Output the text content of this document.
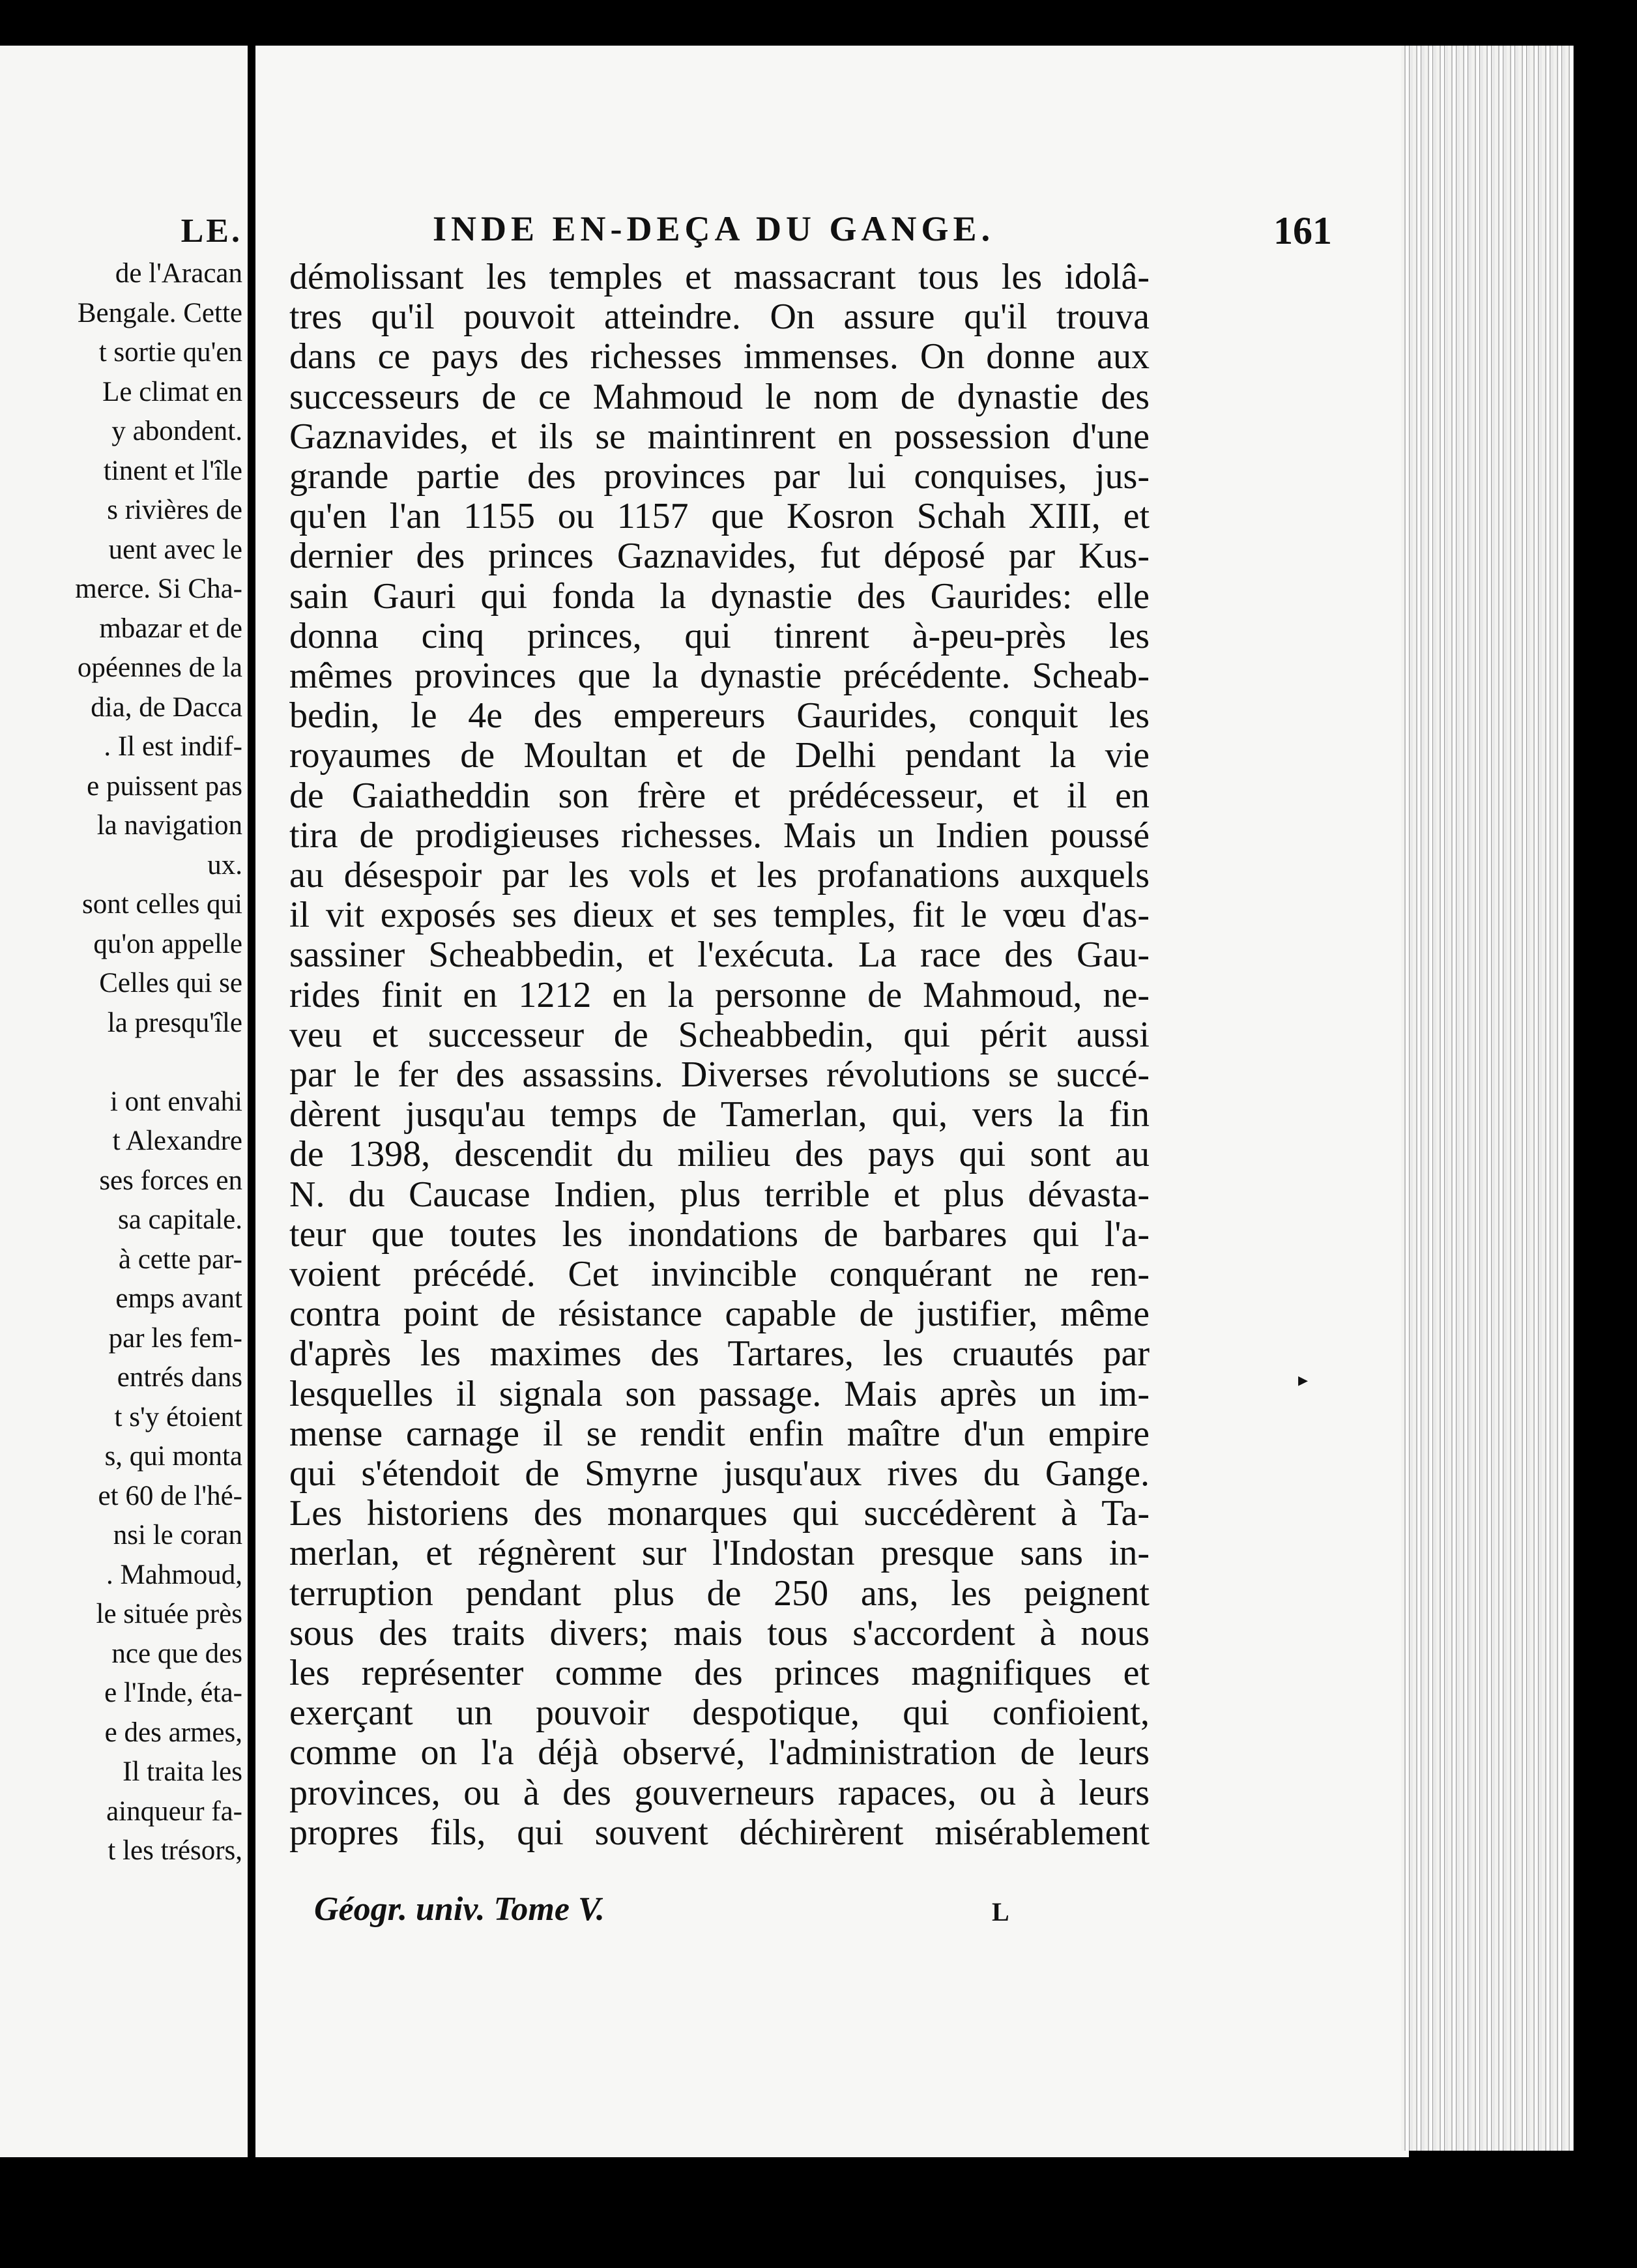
LE.
de l'Aracan
Bengale. Cette
t sortie qu'en
Le climat en
y abondent.
tinent et l'île
s rivières de
uent avec le
merce. Si Cha-
mbazar et de
opéennes de la
dia, de Dacca
. Il est indif-
e puissent pas
la navigation
ux.
sont celles qui
qu'on appelle
Celles qui se
la presqu'île
i ont envahi
t Alexandre
ses forces en
sa capitale.
à cette par-
emps avant
par les fem-
entrés dans
t s'y étoient
s, qui monta
et 60 de l'hé-
nsi le coran
. Mahmoud,
le située près
nce que des
e l'Inde, éta-
e des armes,
Il traita les
ainqueur fa-
t les trésors,
INDE EN-DEÇA DU GANGE.	161
démolissant les temples et massacrant tous les idolâ-
tres qu'il pouvoit atteindre. On assure qu'il trouva
dans ce pays des richesses immenses. On donne aux
successeurs de ce Mahmoud le nom de dynastie des
Gaznavides, et ils se maintinrent en possession d'une
grande partie des provinces par lui conquises, jus-
qu'en l'an 1155 ou 1157 que Kosron Schah XIII, et
dernier des princes Gaznavides, fut déposé par Kus-
sain Gauri qui fonda la dynastie des Gaurides: elle
donna cinq princes, qui tinrent à-peu-près les
mêmes provinces que la dynastie précédente. Scheab-
bedin, le 4e des empereurs Gaurides, conquit les
royaumes de Moultan et de Delhi pendant la vie
de Gaiatheddin son frère et prédécesseur, et il en
tira de prodigieuses richesses. Mais un Indien poussé
au désespoir par les vols et les profanations auxquels
il vit exposés ses dieux et ses temples, fit le vœu d'as-
sassiner Scheabbedin, et l'exécuta. La race des Gau-
rides finit en 1212 en la personne de Mahmoud, ne-
veu et successeur de Scheabbedin, qui périt aussi
par le fer des assassins. Diverses révolutions se succé-
dèrent jusqu'au temps de Tamerlan, qui, vers la fin
de 1398, descendit du milieu des pays qui sont au
N. du Caucase Indien, plus terrible et plus dévasta-
teur que toutes les inondations de barbares qui l'a-
voient précédé. Cet invincible conquérant ne ren-
contra point de résistance capable de justifier, même
d'après les maximes des Tartares, les cruautés par
lesquelles il signala son passage. Mais après un im-
mense carnage il se rendit enfin maître d'un empire
qui s'étendoit de Smyrne jusqu'aux rives du Gange.
Les historiens des monarques qui succédèrent à Ta-
merlan, et régnèrent sur l'Indostan presque sans in-
terruption pendant plus de 250 ans, les peignent
sous des traits divers; mais tous s'accordent à nous
les représenter comme des princes magnifiques et
exerçant un pouvoir despotique, qui confioient,
comme on l'a déjà observé, l'administration de leurs
provinces, ou à des gouverneurs rapaces, ou à leurs
propres fils, qui souvent déchirèrent misérablement
Géogr. univ. Tome V.	L
▸
